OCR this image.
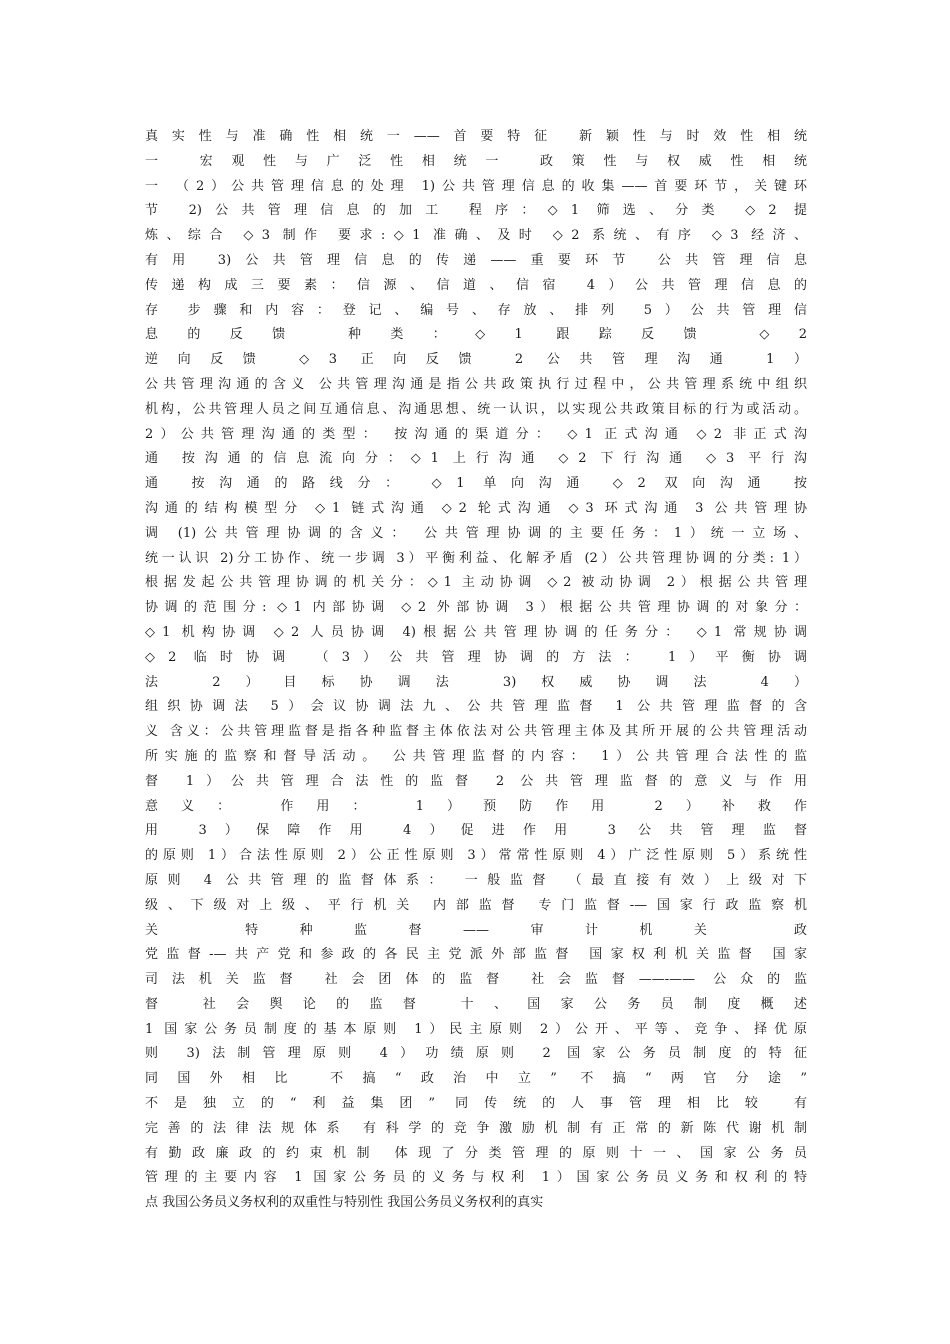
真实性与准确性相统一——首要特征 新颖性与时效性相统
一 宏观性与广泛性相统一 政策性与权威性相统
一 （2）公共管理信息的处理 1)公共管理信息的收集——首要环节，关键环
节 2)公共管理信息的加工 程序：◇1 筛选、分类 ◇2 提
炼、综合 ◇3 制作 要求:◇1 准确、及时 ◇2 系统、有序 ◇3 经济、
有用 3)公共管理信息的传递——重要环节 公共管理信息
传递构成三要素：信源、信道、信宿 4）公共管理信息的
存 步骤和内容：登记、编号、存放、排列 5）公共管理信
息的反馈 种类：◇1 跟踪反馈 ◇2
逆向反馈 ◇3 正向反馈 2 公共管理沟通 1）
公共管理沟通的含义 公共管理沟通是指公共政策执行过程中，公共管理系统中组织
机构，公共管理人员之间互通信息、沟通思想、统一认识，以实现公共政策目标的行为或活动。
2）公共管理沟通的类型： 按沟通的渠道分： ◇1 正式沟通 ◇2 非正式沟
通 按沟通的信息流向分：◇1 上行沟通 ◇2 下行沟通 ◇3 平行沟
通 按沟通的路线分： ◇1 单向沟通 ◇2 双向沟通 按
沟通的结构模型分 ◇1 链式沟通 ◇2 轮式沟通 ◇3 环式沟通 3 公共管理协
调 (1)公共管理协调的含义： 公共管理协调的主要任务：1）统一立场、
统一认识 2)分工协作、统一步调 3）平衡利益、化解矛盾 (2）公共管理协调的分类: 1）
根据发起公共管理协调的机关分：◇1 主动协调 ◇2 被动协调 2）根据公共管理
协调的范围分: ◇1 内部协调 ◇2 外部协调 3）根据公共管理协调的对象分：
◇1 机构协调 ◇2 人员协调 4)根据公共管理协调的任务分： ◇1 常规协调
◇2 临时协调 （3）公共管理协调的方法： 1）平衡协调
法 2）目标协调法 3)权威协调法 4）
组织协调法 5）会议协调法九、公共管理监督 1 公共管理监督的含
义 含义：公共管理监督是指各种监督主体依法对公共管理主体及其所开展的公共管理活动
所实施的监察和督导活动。 公共管理监督的内容： 1）公共管理合法性的监
督 1）公共管理合法性的监督 2 公共管理监督的意义与作用
意义： 作用： 1）预防作用 2）补救作
用 3）保障作用 4）促进作用 3 公共管理监督
的原则 1）合法性原则 2）公正性原则 3）常常性原则 4）广泛性原则 5）系统性
原则 4 公共管理的监督体系： 一般监督 （最直接有效）上级对下
级、下级对上级、平行机关 内部监督 专门监督-—国家行政监察机
关 特种监督——审计机关 政
党监督-—共产党和参政的各民主党派外部监督 国家权利机关监督 国家
司法机关监督 社会团体的监督 社会监督——-—— 公众的监
督 社会舆论的监督 十、国家公务员制度概述
1 国家公务员制度的基本原则 1）民主原则 2）公开、平等、竞争、择优原
则 3)法制管理原则 4）功绩原则 2 国家公务员制度的特征
同国外相比 不搞“政治中立” 不搞“两官分途”
不是独立的“利益集团” 同传统的人事管理相比较 有
完善的法律法规体系 有科学的竞争激励机制有正常的新陈代谢机制
有勤政廉政的约束机制 体现了分类管理的原则十一、国家公务员
管理的主要内容 1 国家公务员的义务与权利 1）国家公务员义务和权利的特
点 我国公务员义务权利的双重性与特别性 我国公务员义务权利的真实
